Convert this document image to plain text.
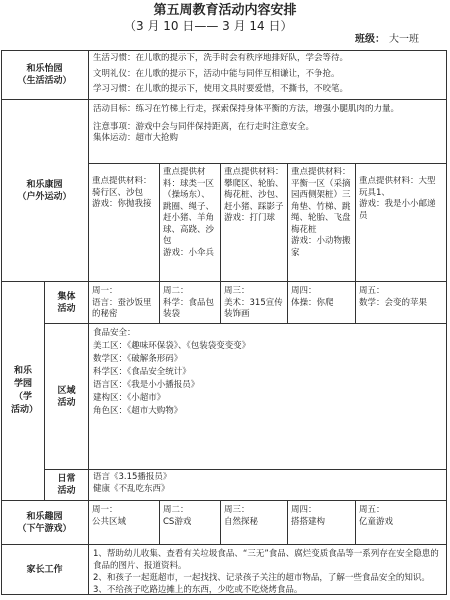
第五周教育活动内容安排
（3 月 10 日—— 3 月 14 日）
班级： 大一班
和乐怡园
（生活活动）
生活习惯：在儿歌的提示下，洗手时会有秩序地排好队，学会等待。
文明礼仪：在儿歌的提示下，活动中能与同伴互相谦让，不争抢。
学习习惯：在儿歌的提示下，使用文具时要爱惜，不撕书，不咬笔。
和乐康园
（户外运动）
活动目标：练习在竹梯上行走，探索保持身体平衡的方法，增强小腿肌肉的力量。
注意事项：游戏中会与同伴保持距离，在行走时注意安全。
集体运动：超市大抢购
重点提供材料：骑行区、沙包
游戏：你抛我接
重点提供材料：球类一区（操场东）、跳圈、绳子、赶小猪、羊角球、高跷、沙包
游戏：小伞兵
重点提供材料：攀爬区、轮胎、梅花桩、沙包、赶小猪、踩影子
游戏：打门球
重点提供材料：平衡一区（采摘园西侧架桩）三角垫、竹梯、跳绳、轮胎、飞盘梅花桩
游戏：小动物搬家
重点提供材料：大型玩具1、
游戏：我是小小邮递员
和乐学园（学活动）
集体活动
周一：
语言：蚕沙饭里的秘密
周二：
科学：食品包装袋
周三：
美术：315宣传装饰画
周四：
体操：你爬
周五：
数学：会变的苹果
区域活动
食品安全：
美工区：《趣味环保袋》、《包装袋变变变》
数学区：《破解条形码》
科学区：《食品安全统计》
语言区：《我是小小播报员》
建构区：《小超市》
角色区：《超市大购物》
日常活动
语言《3.15播报员》
健康《不乱吃东西》
和乐趣园
（下午游戏）
周一：
公共区域
周二：
CS游戏
周三：
自然探秘
周四：
搭搭建构
周五：
亿童游戏
家长工作
1、帮助幼儿收集、查看有关垃圾食品、“三无”食品、腐烂变质食品等一系列存在安全隐患的食品的图片、报道资料。
2、和孩子一起逛超市，一起找找、记录孩子关注的超市物品，了解一些食品安全的知识。
3、不给孩子吃路边摊上的东西，少吃或不吃烧烤食品。
